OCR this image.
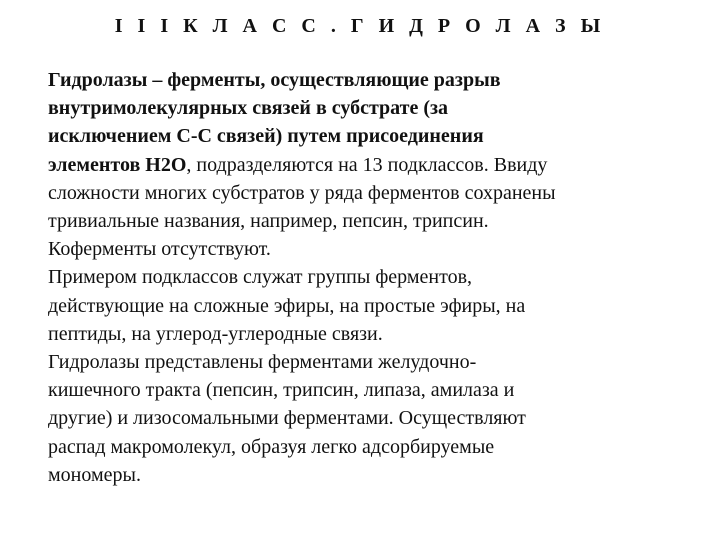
I I I К Л А С С . Г И Д Р О Л А З Ы
Гидролазы – ферменты, осуществляющие разрыв
внутримолекулярных связей в субстрате (за
исключением С-С связей) путем присоединения
элементов Н2О, подразделяются на 13 подклассов. Ввиду
сложности многих субстратов у ряда ферментов сохранены
тривиальные названия, например, пепсин, трипсин.
Коферменты отсутствуют.
Примером подклассов служат группы ферментов,
действующие на сложные эфиры, на простые эфиры, на
пептиды, на углерод-углеродные связи.
Гидролазы представлены ферментами желудочно-
кишечного тракта (пепсин, трипсин, липаза, амилаза и
другие) и лизосомальными ферментами. Осуществляют
распад макромолекул, образуя легко адсорбируемые
мономеры.
